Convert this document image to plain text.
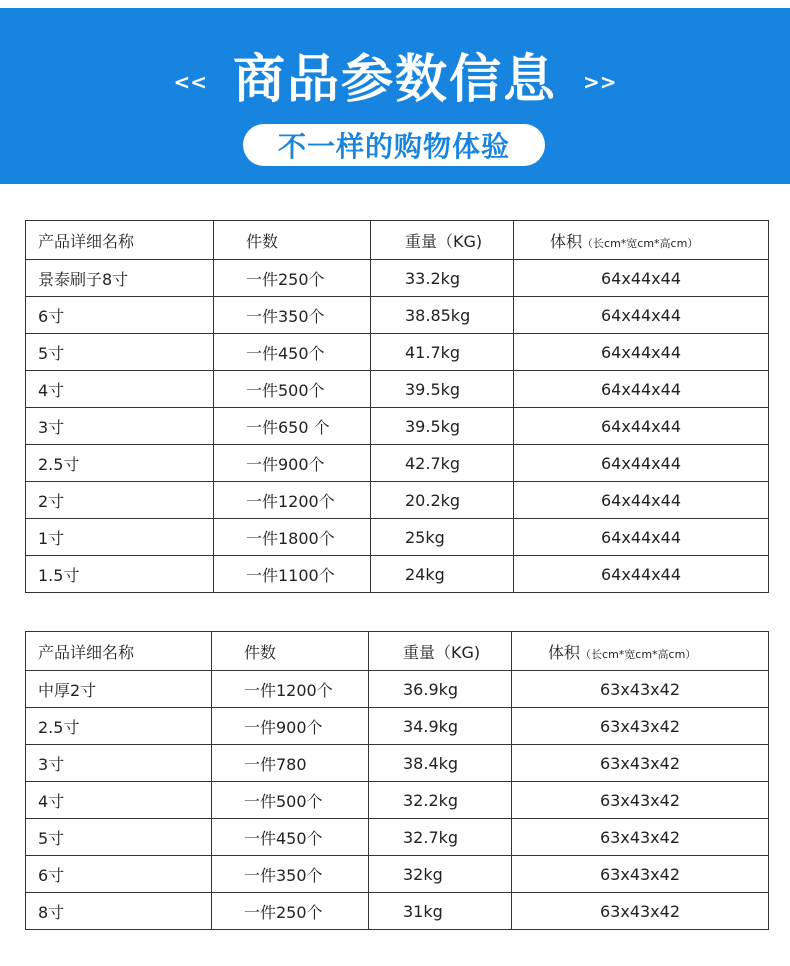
<< 商品参数信息 >>
不一样的购物体验
产品详细名称	件数	重量（KG)	体积（长cm*宽cm*高cm）
景泰刷子8寸	一件250个	33.2kg	64x44x44
6寸	一件350个	38.85kg	64x44x44
5寸	一件450个	41.7kg	64x44x44
4寸	一件500个	39.5kg	64x44x44
3寸	一件650 个	39.5kg	64x44x44
2.5寸	一件900个	42.7kg	64x44x44
2寸	一件1200个	20.2kg	64x44x44
1寸	一件1800个	25kg	64x44x44
1.5寸	一件1100个	24kg	64x44x44
产品详细名称	件数	重量（KG)	体积（长cm*宽cm*高cm）
中厚2寸	一件1200个	36.9kg	63x43x42
2.5寸	一件900个	34.9kg	63x43x42
3寸	一件780	38.4kg	63x43x42
4寸	一件500个	32.2kg	63x43x42
5寸	一件450个	32.7kg	63x43x42
6寸	一件350个	32kg	63x43x42
8寸	一件250个	31kg	63x43x42
